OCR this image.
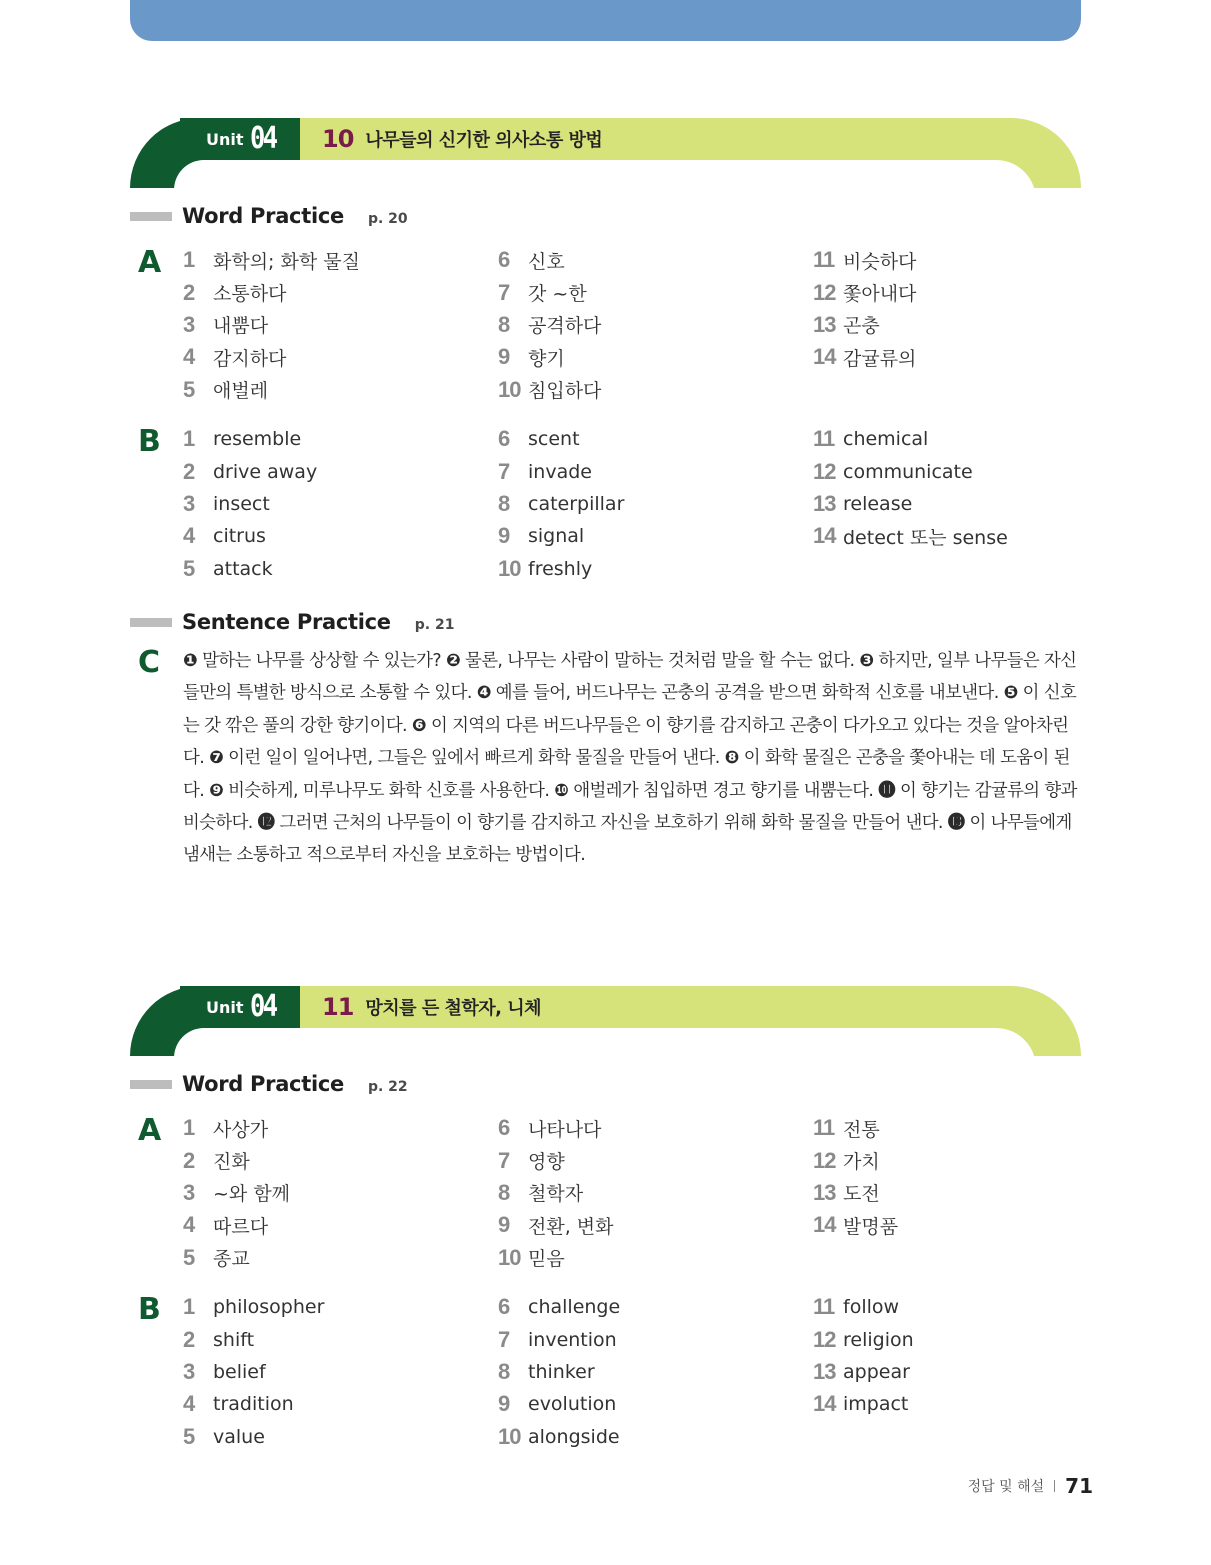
Unit 04 10 나무들의 신기한 의사소통 방법
Word Practice p. 20
A 1 화학의; 화학 물질
2 소통하다
3 내뿜다
4 감지하다
5 애벌레
6 신호
7 갓 ~한
8 공격하다
9 향기
10 침입하다
11 비슷하다
12 쫓아내다
13 곤충
14 감귤류의
B 1 resemble
2 drive away
3 insect
4 citrus
5 attack
6 scent
7 invade
8 caterpillar
9 signal
10 freshly
11 chemical
12 communicate
13 release
14 detect 또는 sense
Sentence Practice p. 21
C ❶ 말하는 나무를 상상할 수 있는가? ❷ 물론, 나무는 사람이 말하는 것처럼 말을 할 수는 없다. ❸ 하지만, 일부 나무들은 자신들만의 특별한 방식으로 소통할 수 있다. ❹ 예를 들어, 버드나무는 곤충의 공격을 받으면 화학적 신호를 내보낸다. ❺ 이 신호는 갓 깎은 풀의 강한 향기이다. ❻ 이 지역의 다른 버드나무들은 이 향기를 감지하고 곤충이 다가오고 있다는 것을 알아차린다. ❼ 이런 일이 일어나면, 그들은 잎에서 빠르게 화학 물질을 만들어 낸다. ❽ 이 화학 물질은 곤충을 쫓아내는 데 도움이 된다. ❾ 비슷하게, 미루나무도 화학 신호를 사용한다. ❿ 애벌레가 침입하면 경고 향기를 내뿜는다. ⓫ 이 향기는 감귤류의 향과 비슷하다. ⓬ 그러면 근처의 나무들이 이 향기를 감지하고 자신을 보호하기 위해 화학 물질을 만들어 낸다. ⓭ 이 나무들에게 냄새는 소통하고 적으로부터 자신을 보호하는 방법이다.
Unit 04 11 망치를 든 철학자, 니체
Word Practice p. 22
A 1 사상가
2 진화
3 ~와 함께
4 따르다
5 종교
6 나타나다
7 영향
8 철학자
9 전환, 변화
10 믿음
11 전통
12 가치
13 도전
14 발명품
B 1 philosopher
2 shift
3 belief
4 tradition
5 value
6 challenge
7 invention
8 thinker
9 evolution
10 alongside
11 follow
12 religion
13 appear
14 impact
정답 및 해설 71
